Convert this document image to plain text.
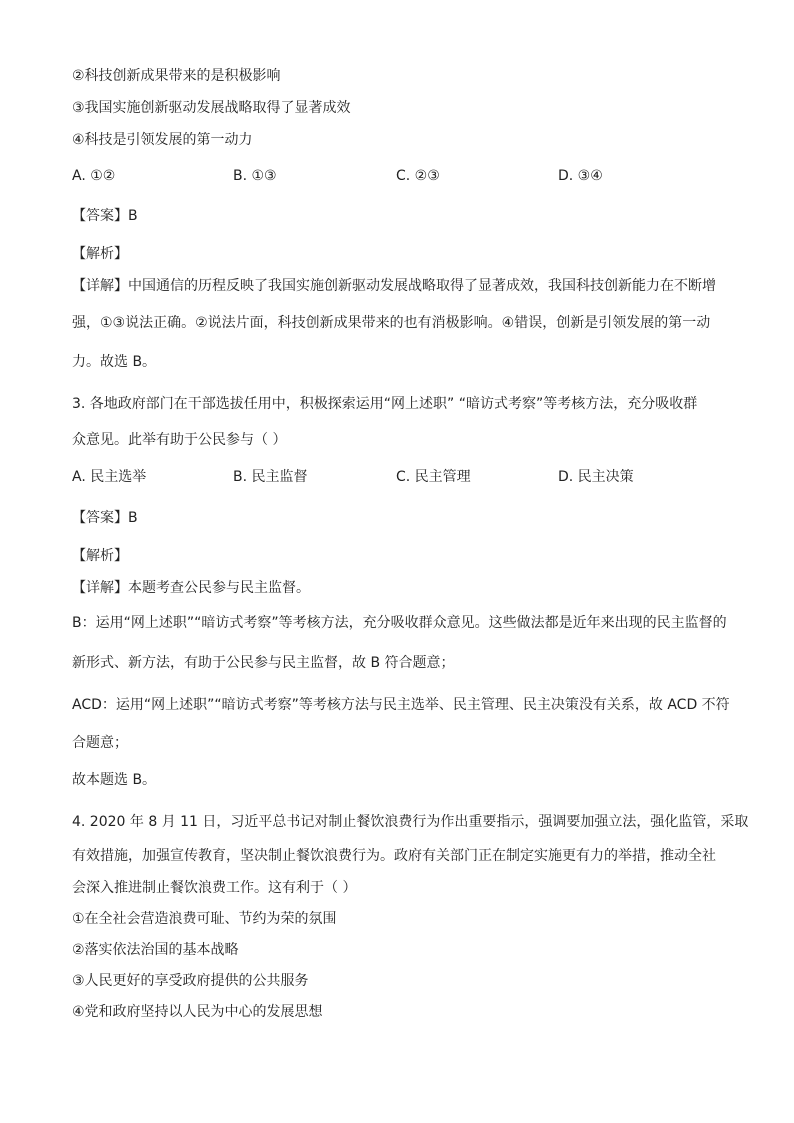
②科技创新成果带来的是积极影响
③我国实施创新驱动发展战略取得了显著成效
④科技是引领发展的第一动力
A. ①②	B. ①③	C. ②③	D. ③④
【答案】B
【解析】
【详解】中国通信的历程反映了我国实施创新驱动发展战略取得了显著成效，我国科技创新能力在不断增
强，①③说法正确。②说法片面，科技创新成果带来的也有消极影响。④错误，创新是引领发展的第一动
力。故选 B。
3. 各地政府部门在干部选拔任用中，积极探索运用“网上述职” “暗访式考察”等考核方法，充分吸收群
众意见。此举有助于公民参与（ ）
A. 民主选举	B. 民主监督	C. 民主管理	D. 民主决策
【答案】B
【解析】
【详解】本题考查公民参与民主监督。
B：运用“网上述职”“暗访式考察”等考核方法，充分吸收群众意见。这些做法都是近年来出现的民主监督的
新形式、新方法，有助于公民参与民主监督，故 B 符合题意；
ACD：运用“网上述职”“暗访式考察”等考核方法与民主选举、民主管理、民主决策没有关系，故 ACD 不符
合题意；
故本题选 B。
4. 2020 年 8 月 11 日，习近平总书记对制止餐饮浪费行为作出重要指示，强调要加强立法，强化监管，采取
有效措施，加强宣传教育，坚决制止餐饮浪费行为。政府有关部门正在制定实施更有力的举措，推动全社
会深入推进制止餐饮浪费工作。这有利于（ ）
①在全社会营造浪费可耻、节约为荣的氛围
②落实依法治国的基本战略
③人民更好的享受政府提供的公共服务
④党和政府坚持以人民为中心的发展思想
